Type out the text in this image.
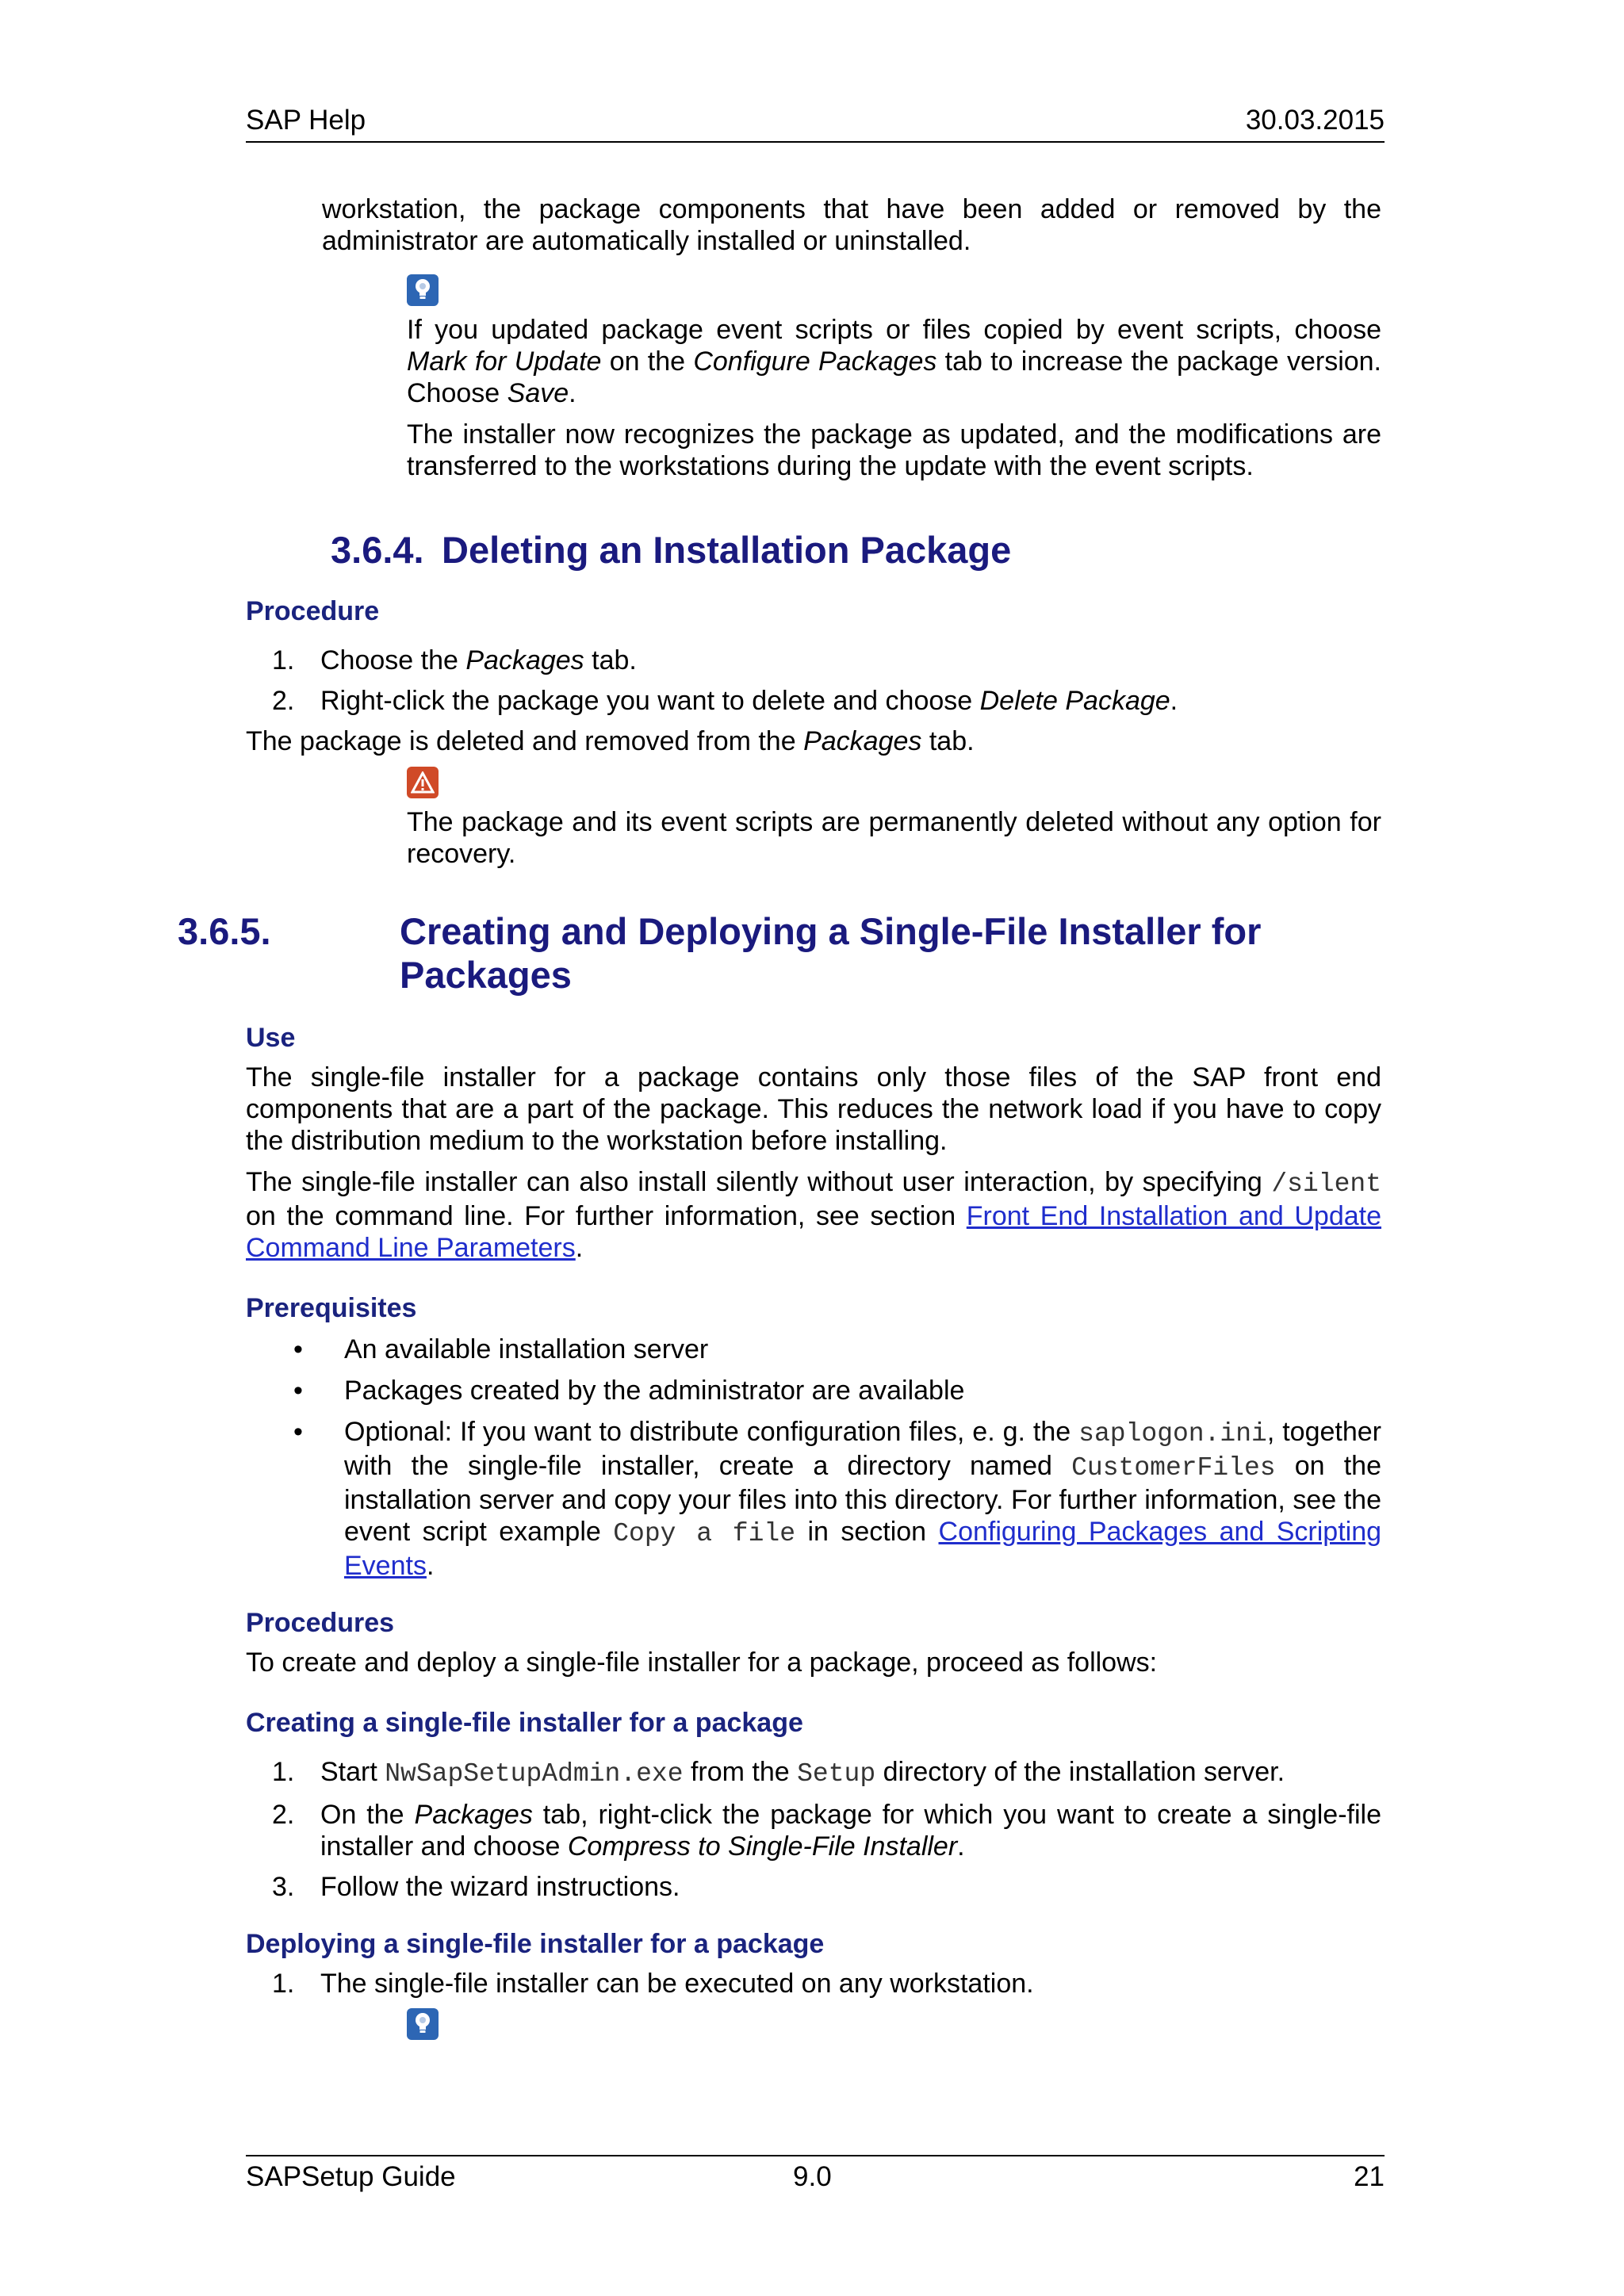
SAP Help	30.03.2015

workstation, the package components that have been added or removed by the administrator are automatically installed or uninstalled.

If you updated package event scripts or files copied by event scripts, choose Mark for Update on the Configure Packages tab to increase the package version. Choose Save.

The installer now recognizes the package as updated, and the modifications are transferred to the workstations during the update with the event scripts.

3.6.4. Deleting an Installation Package

Procedure

1. Choose the Packages tab.
2. Right-click the package you want to delete and choose Delete Package.

The package is deleted and removed from the Packages tab.

The package and its event scripts are permanently deleted without any option for recovery.

3.6.5.	Creating and Deploying a Single-File Installer for
Packages

Use

The single-file installer for a package contains only those files of the SAP front end components that are a part of the package. This reduces the network load if you have to copy the distribution medium to the workstation before installing.

The single-file installer can also install silently without user interaction, by specifying /silent on the command line. For further information, see section Front End Installation and Update Command Line Parameters.

Prerequisites

• An available installation server
• Packages created by the administrator are available
• Optional: If you want to distribute configuration files, e. g. the saplogon.ini, together with the single-file installer, create a directory named CustomerFiles on the installation server and copy your files into this directory. For further information, see the event script example Copy a file in section Configuring Packages and Scripting Events.

Procedures

To create and deploy a single-file installer for a package, proceed as follows:

Creating a single-file installer for a package

1. Start NwSapSetupAdmin.exe from the Setup directory of the installation server.
2. On the Packages tab, right-click the package for which you want to create a single-file installer and choose Compress to Single-File Installer.
3. Follow the wizard instructions.

Deploying a single-file installer for a package

1. The single-file installer can be executed on any workstation.
SAPSetup Guide	9.0	21
